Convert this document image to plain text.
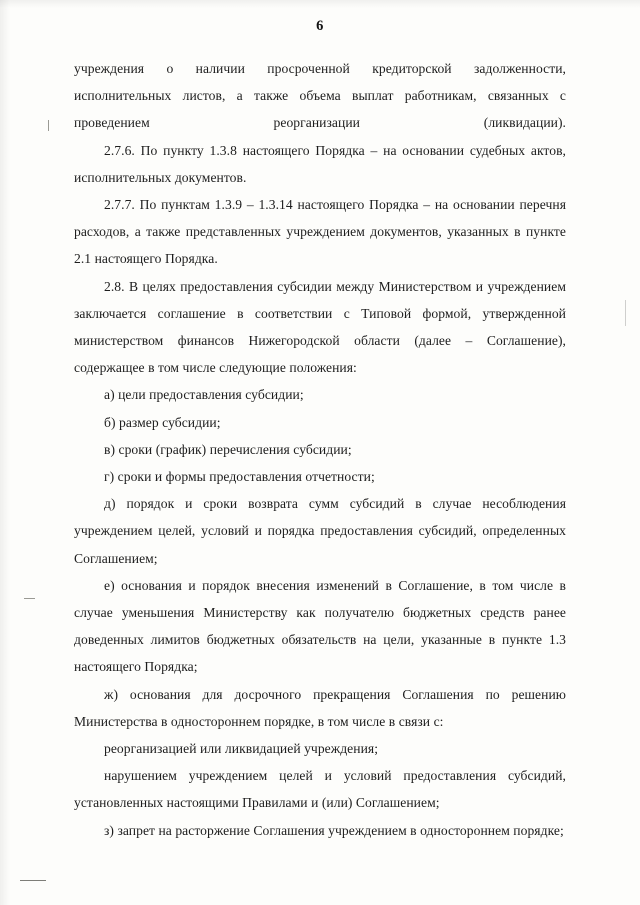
6

учреждения о наличии просроченной кредиторской задолженности, исполнительных листов, а также объема выплат работникам, связанных с проведением реорганизации (ликвидации).

2.7.6. По пункту 1.3.8 настоящего Порядка – на основании судебных актов, исполнительных документов.

2.7.7. По пунктам 1.3.9 – 1.3.14 настоящего Порядка – на основании перечня расходов, а также представленных учреждением документов, указанных в пункте 2.1 настоящего Порядка.

2.8. В целях предоставления субсидии между Министерством и учреждением заключается соглашение в соответствии с Типовой формой, утвержденной министерством финансов Нижегородской области (далее – Соглашение), содержащее в том числе следующие положения:

а) цели предоставления субсидии;

б) размер субсидии;

в) сроки (график) перечисления субсидии;

г) сроки и формы предоставления отчетности;

д) порядок и сроки возврата сумм субсидий в случае несоблюдения учреждением целей, условий и порядка предоставления субсидий, определенных Соглашением;

е) основания и порядок внесения изменений в Соглашение, в том числе в случае уменьшения Министерству как получателю бюджетных средств ранее доведенных лимитов бюджетных обязательств на цели, указанные в пункте 1.3 настоящего Порядка;

ж) основания для досрочного прекращения Соглашения по решению Министерства в одностороннем порядке, в том числе в связи с:

реорганизацией или ликвидацией учреждения;

нарушением учреждением целей и условий предоставления субсидий, установленных настоящими Правилами и (или) Соглашением;

з) запрет на расторжение Соглашения учреждением в одностороннем порядке;
